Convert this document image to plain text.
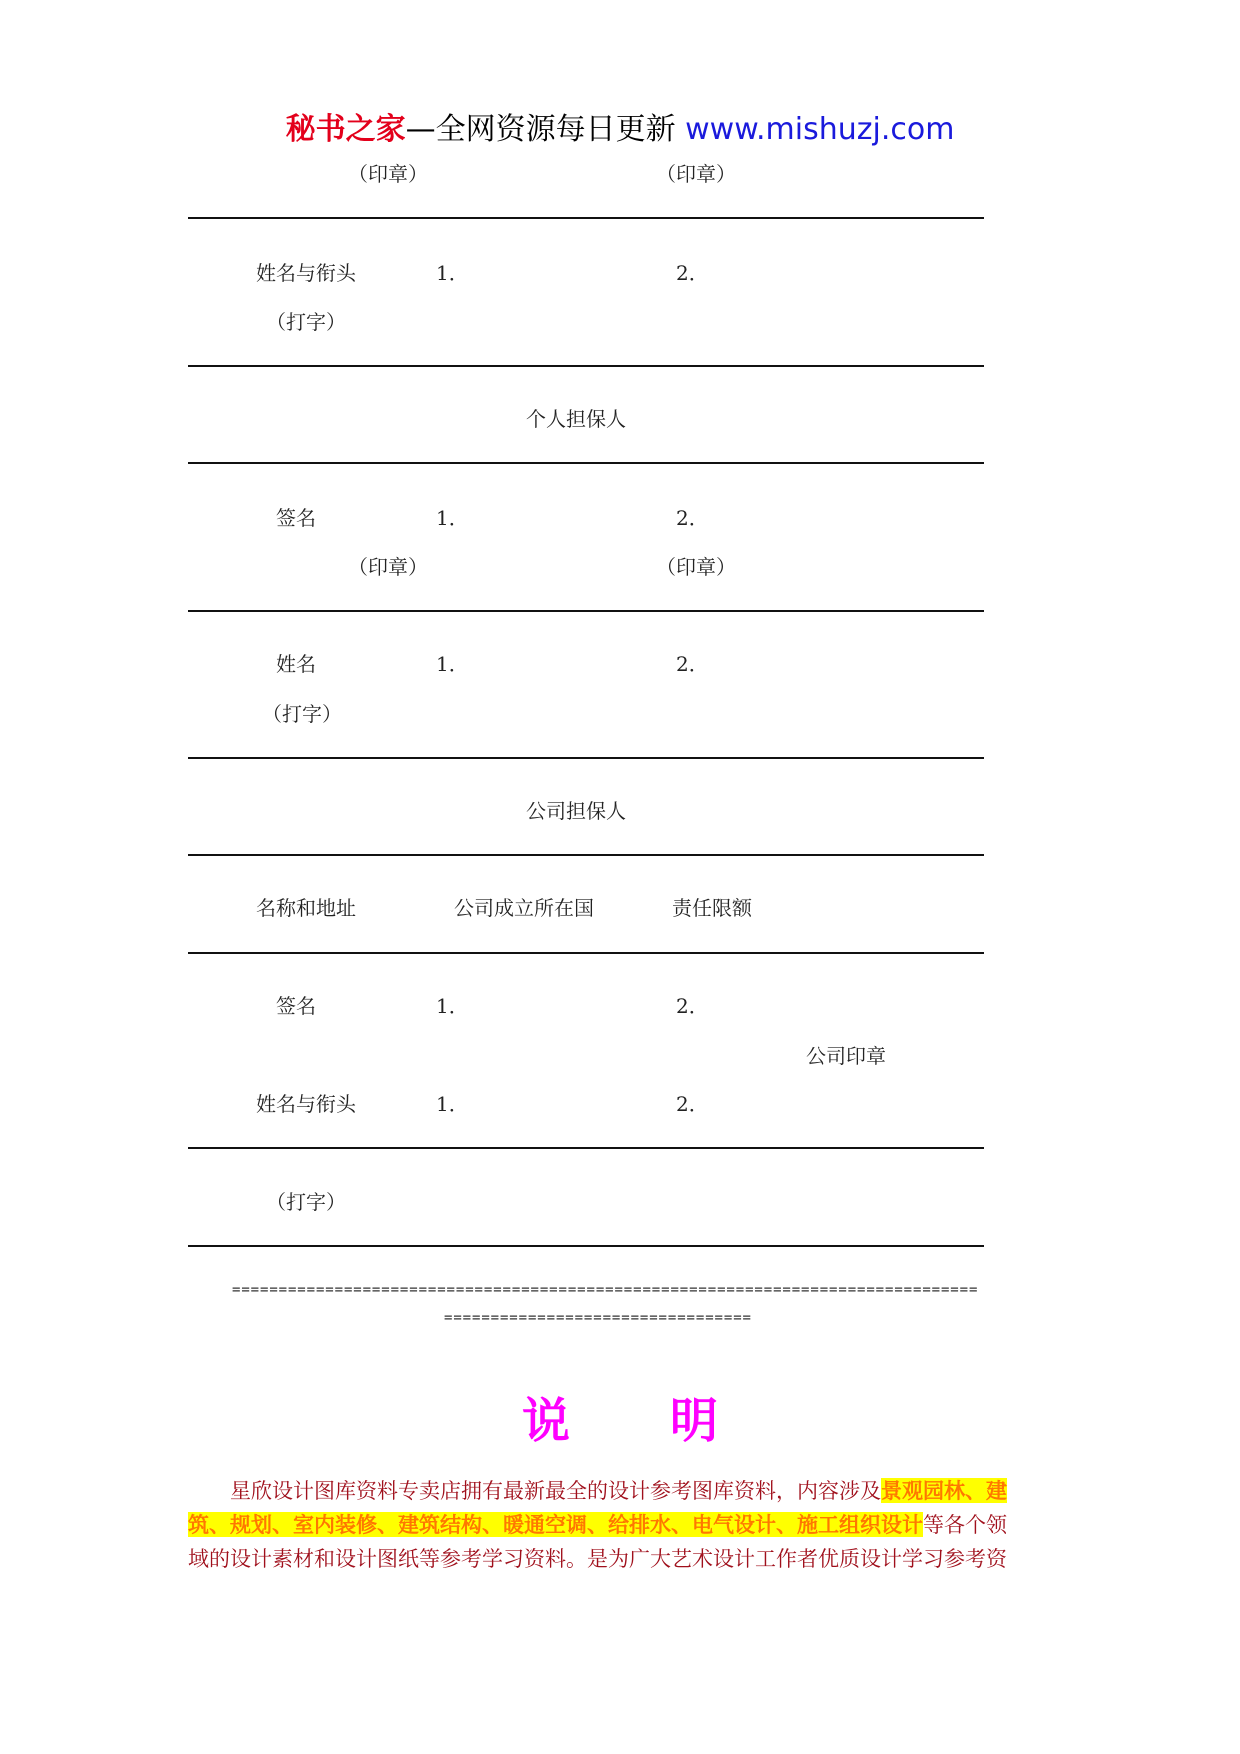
秘书之家—全网资源每日更新 www.mishuzj.com
（印章）	（印章）
姓名与衔头	1．	2．
（打字）
个人担保人
签名	1．	2．
（印章）	（印章）
姓名	1．	2．
（打字）
公司担保人
名称和地址	公司成立所在国	责任限额
签名	1．	2．
公司印章
姓名与衔头	1．	2．
（打字）
================================================================================
=================================
说 明

星欣设计图库资料专卖店拥有最新最全的设计参考图库资料，内容涉及景观园林、建

筑、规划、室内装修、建筑结构、暖通空调、给排水、电气设计、施工组织设计等各个领

域的设计素材和设计图纸等参考学习资料。是为广大艺术设计工作者优质设计学习参考资
